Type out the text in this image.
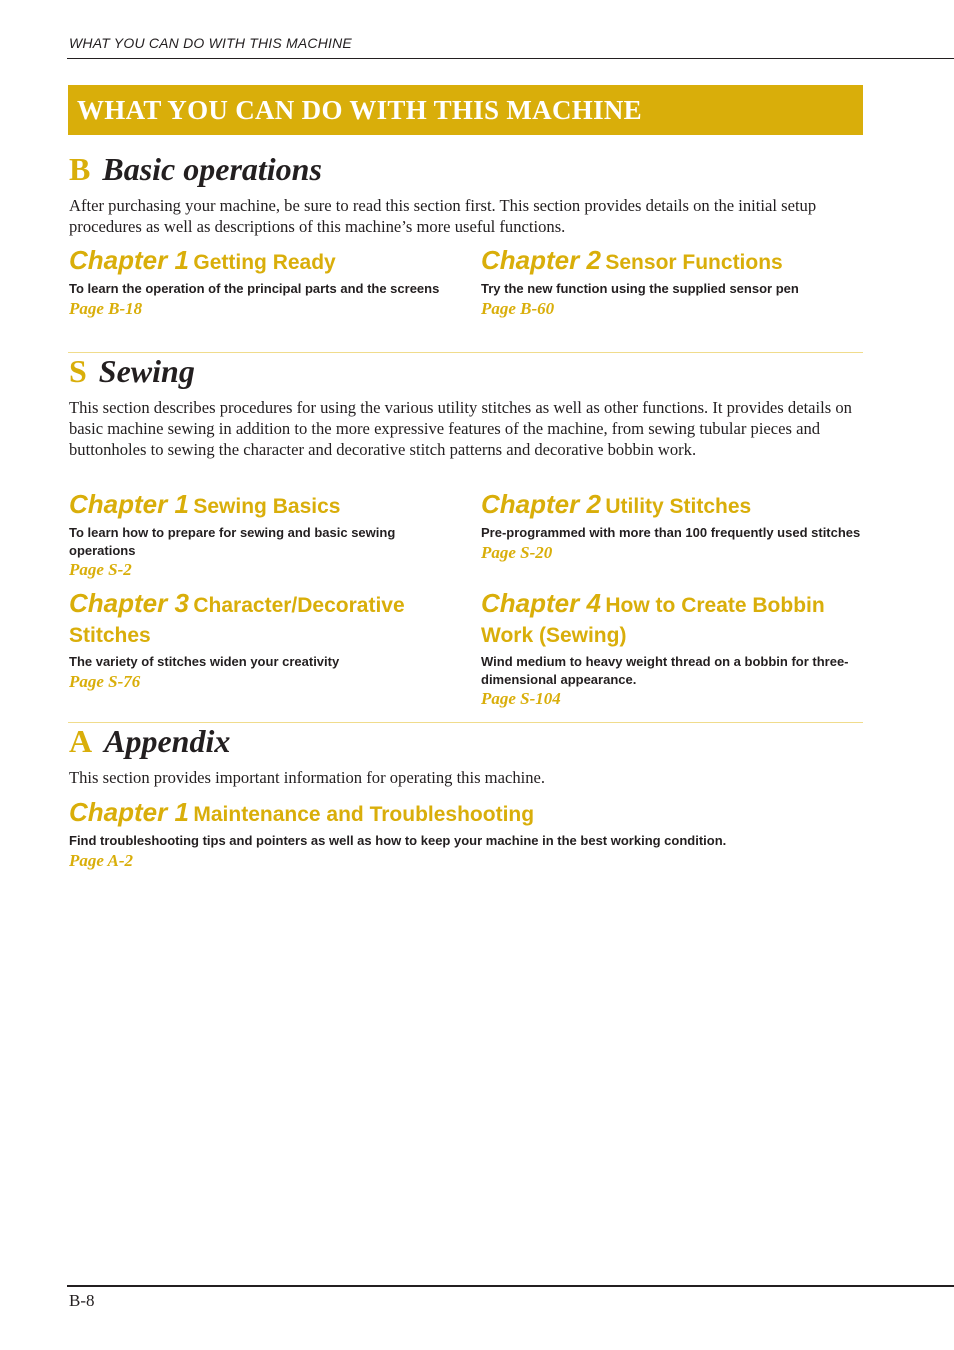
WHAT YOU CAN DO WITH THIS MACHINE
WHAT YOU CAN DO WITH THIS MACHINE
B Basic operations
After purchasing your machine, be sure to read this section first. This section provides details on the initial setup procedures as well as descriptions of this machine’s more useful functions.
Chapter 1 Getting Ready
To learn the operation of the principal parts and the screens
Page B-18
Chapter 2 Sensor Functions
Try the new function using the supplied sensor pen
Page B-60
S Sewing
This section describes procedures for using the various utility stitches as well as other functions. It provides details on basic machine sewing in addition to the more expressive features of the machine, from sewing tubular pieces and buttonholes to sewing the character and decorative stitch patterns and decorative bobbin work.
Chapter 1 Sewing Basics
To learn how to prepare for sewing and basic sewing operations
Page S-2
Chapter 2 Utility Stitches
Pre-programmed with more than 100 frequently used stitches
Page S-20
Chapter 3 Character/Decorative Stitches
The variety of stitches widen your creativity
Page S-76
Chapter 4 How to Create Bobbin Work (Sewing)
Wind medium to heavy weight thread on a bobbin for three-dimensional appearance.
Page S-104
A Appendix
This section provides important information for operating this machine.
Chapter 1 Maintenance and Troubleshooting
Find troubleshooting tips and pointers as well as how to keep your machine in the best working condition.
Page A-2
B-8
